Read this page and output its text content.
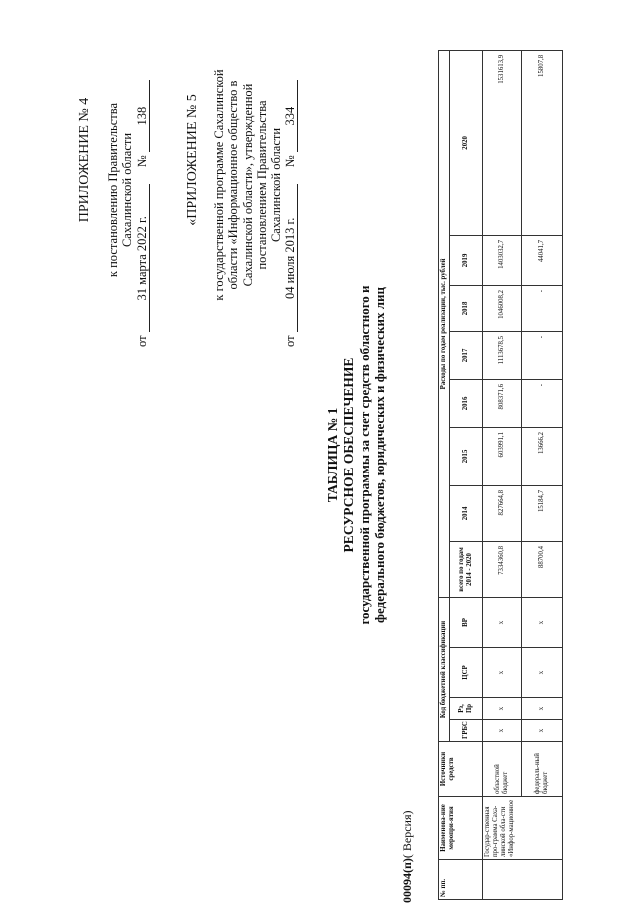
ПРИЛОЖЕНИЕ № 4 к постановлению Правительства Сахалинской области
от 31 марта 2022 г. № 138	«ПРИЛОЖЕНИЕ № 5 к государственной программе Сахалинской области «Информационное общество в Сахалинской области», утвержденной постановлением Правительства Сахалинской области
от 04 июля 2013 г. № 334
ТАБЛИЦА № 1 РЕСУРСНОЕ ОБЕСПЕЧЕНИЕ государственной программы за счет средств областного и федерального бюджетов, юридических и физических лиц
00094(п)( Версия)
№ пп.	Наименова-ние меропри-ятия	Источники средств	Код бюджетной классификации				Расходы по годам реализации, тыс. рублей							
			ГРБС	Рз, Пр	ЦСР	ВР	всего по годам 2014 - 2020	2014	2015	2016	2017	2018	2019	2020
	Государ-ственная про-грамма Саха-линской обла-сти «Инфор-мационное	областной бюджет	x	x	x	x	7334360,8	827664,8	603991,1	808371,6	1113678,5	1046008,2	1403032,7	1531613,9
		федераль-ный бюджет	x	x	x	x	88700,4	15184,7	13666,2	-	-	-	44041,7	15807,8
